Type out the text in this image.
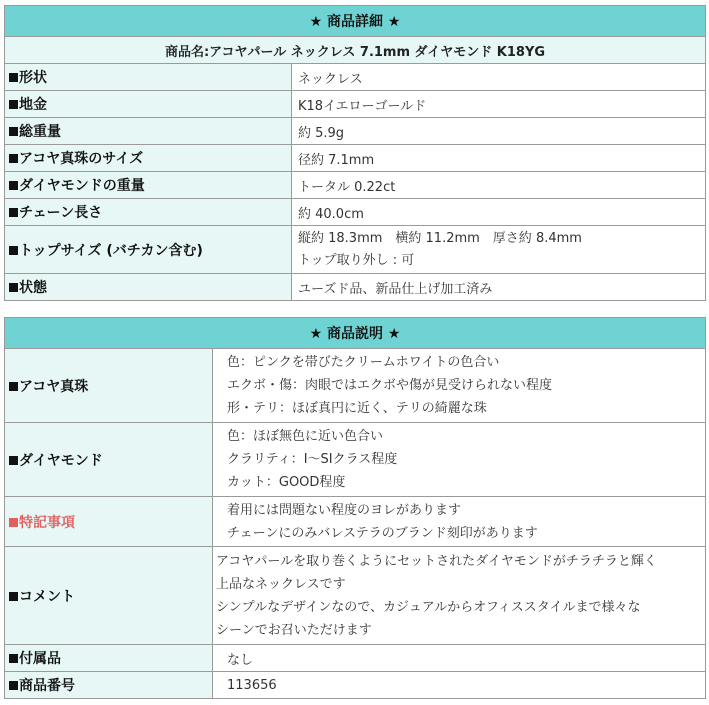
★ 商品詳細 ★	
商品名:アコヤパール ネックレス 7.1mm ダイヤモンド K18YG	
形状	ネックレス
地金	K18イエローゴールド
総重量	約 5.9g
アコヤ真珠のサイズ	径約 7.1mm
ダイヤモンドの重量	トータル 0.22ct
チェーン長さ	約 40.0cm
トップサイズ (バチカン含む)	縦約 18.3mm　横約 11.2mm　厚さ約 8.4mm
トップ取り外し : 可

状態	ユーズド品、新品仕上げ加工済み
★ 商品説明 ★	
アコヤ真珠	色：ピンクを帯びたクリームホワイトの色合い
エクボ・傷：肉眼ではエクボや傷が見受けられない程度
形・テリ：ほぼ真円に近く、テリの綺麗な珠

ダイヤモンド	色：ほぼ無色に近い色合い
クラリティ：I～SIクラス程度
カット：GOOD程度

特記事項	着用には問題ない程度のヨレがあります
チェーンにのみバレステラのブランド刻印があります

コメント	アコヤパールを取り巻くようにセットされたダイヤモンドがチラチラと輝く
上品なネックレスです
シンプルなデザインなので、カジュアルからオフィススタイルまで様々な
シーンでお召いただけます

付属品	なし
商品番号	113656
